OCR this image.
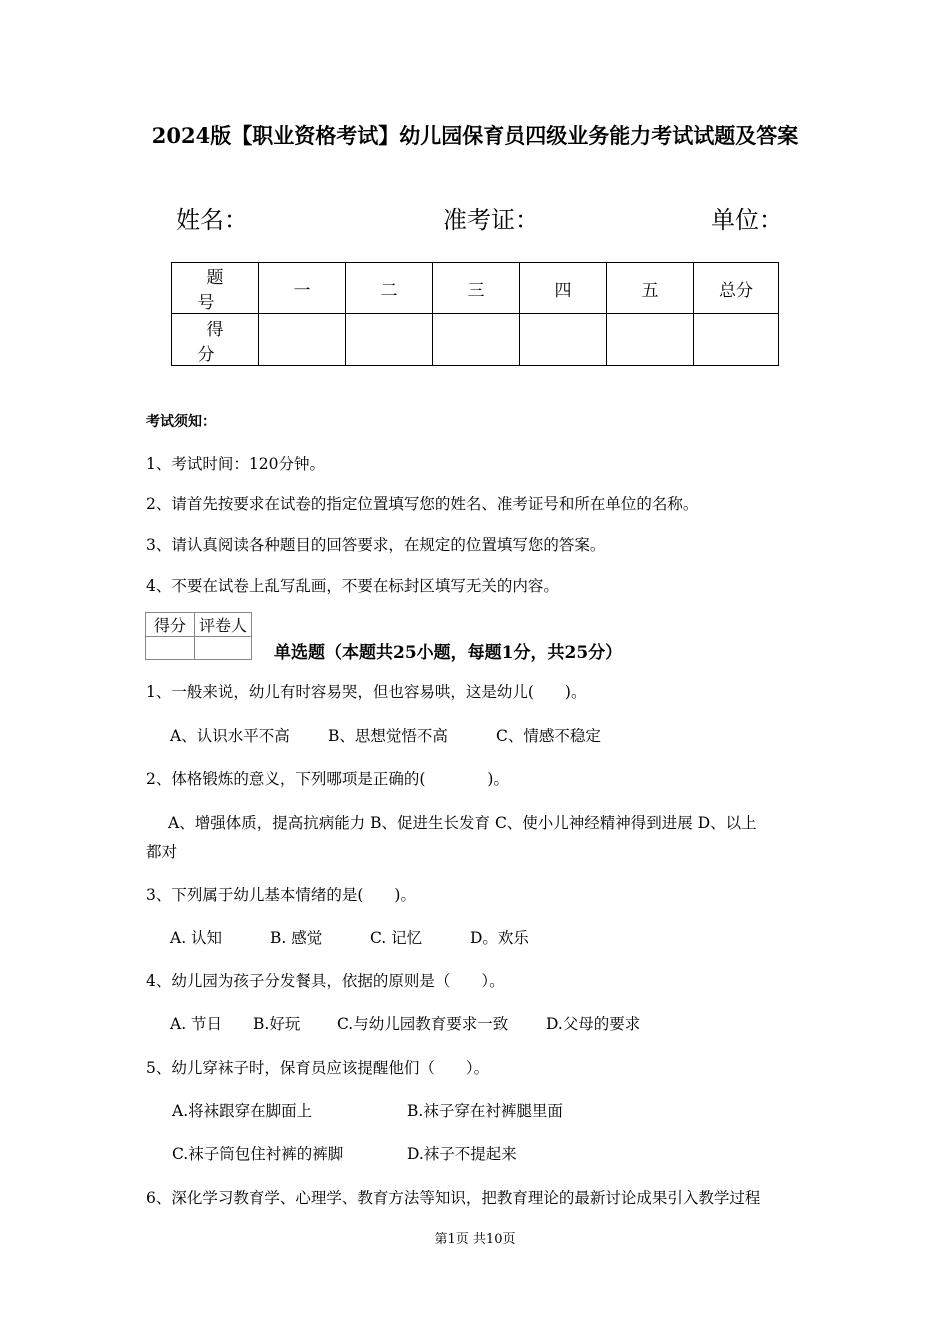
2024版【职业资格考试】幼儿园保育员四级业务能力考试试题及答案
姓名：	准考证：	单位：
题号	一	二	三	四	五	总分
得分						
考试须知：
1、考试时间：120分钟。
2、请首先按要求在试卷的指定位置填写您的姓名、准考证号和所在单位的名称。
3、请认真阅读各种题目的回答要求，在规定的位置填写您的答案。
4、不要在试卷上乱写乱画，不要在标封区填写无关的内容。
得分	评卷人

单选题（本题共25小题，每题1分，共25分）
1、一般来说，幼儿有时容易哭，但也容易哄，这是幼儿(　　)。
A、认识水平不高 B、思想觉悟不高	C、情感不稳定
2、体格锻炼的意义，下列哪项是正确的(　　　　)。
A、增强体质，提高抗病能力 B、促进生长发育 C、使小儿神经精神得到进展 D、以上
都对
3、下列属于幼儿基本情绪的是(　　)。
A. 认知	B. 感觉	C. 记忆	D。欢乐
4、幼儿园为孩子分发餐具，依据的原则是（　　）。
A. 节日 B.好玩 C.与幼儿园教育要求一致 D.父母的要求
5、幼儿穿袜子时，保育员应该提醒他们（　　）。
A.将袜跟穿在脚面上	B.袜子穿在衬裤腿里面
C.袜子筒包住衬裤的裤脚	D.袜子不提起来
6、深化学习教育学、心理学、教育方法等知识，把教育理论的最新讨论成果引入教学过程
第1页 共10页
